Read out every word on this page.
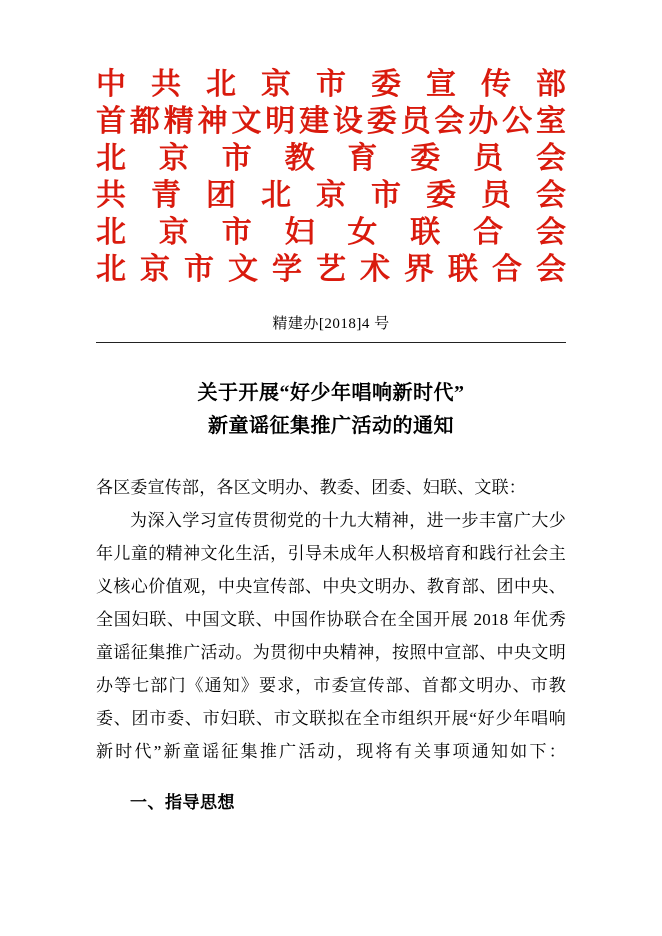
中共北京市委宣传部
首都精神文明建设委员会办公室
北京市教育委员会
共青团北京市委员会
北京市妇女联合会
北京市文学艺术界联合会
精建办[2018]4 号
关于开展“好少年唱响新时代”
新童谣征集推广活动的通知

各区委宣传部，各区文明办、教委、团委、妇联、文联：

为深入学习宣传贯彻党的十九大精神，进一步丰富广大少年儿童的精神文化生活，引导未成年人积极培育和践行社会主义核心价值观，中央宣传部、中央文明办、教育部、团中央、全国妇联、中国文联、中国作协联合在全国开展 2018 年优秀童谣征集推广活动。为贯彻中央精神，按照中宣部、中央文明办等七部门《通知》要求，市委宣传部、首都文明办、市教委、团市委、市妇联、市文联拟在全市组织开展“好少年唱响新时代”新童谣征集推广活动，现将有关事项通知如下：

一、指导思想
